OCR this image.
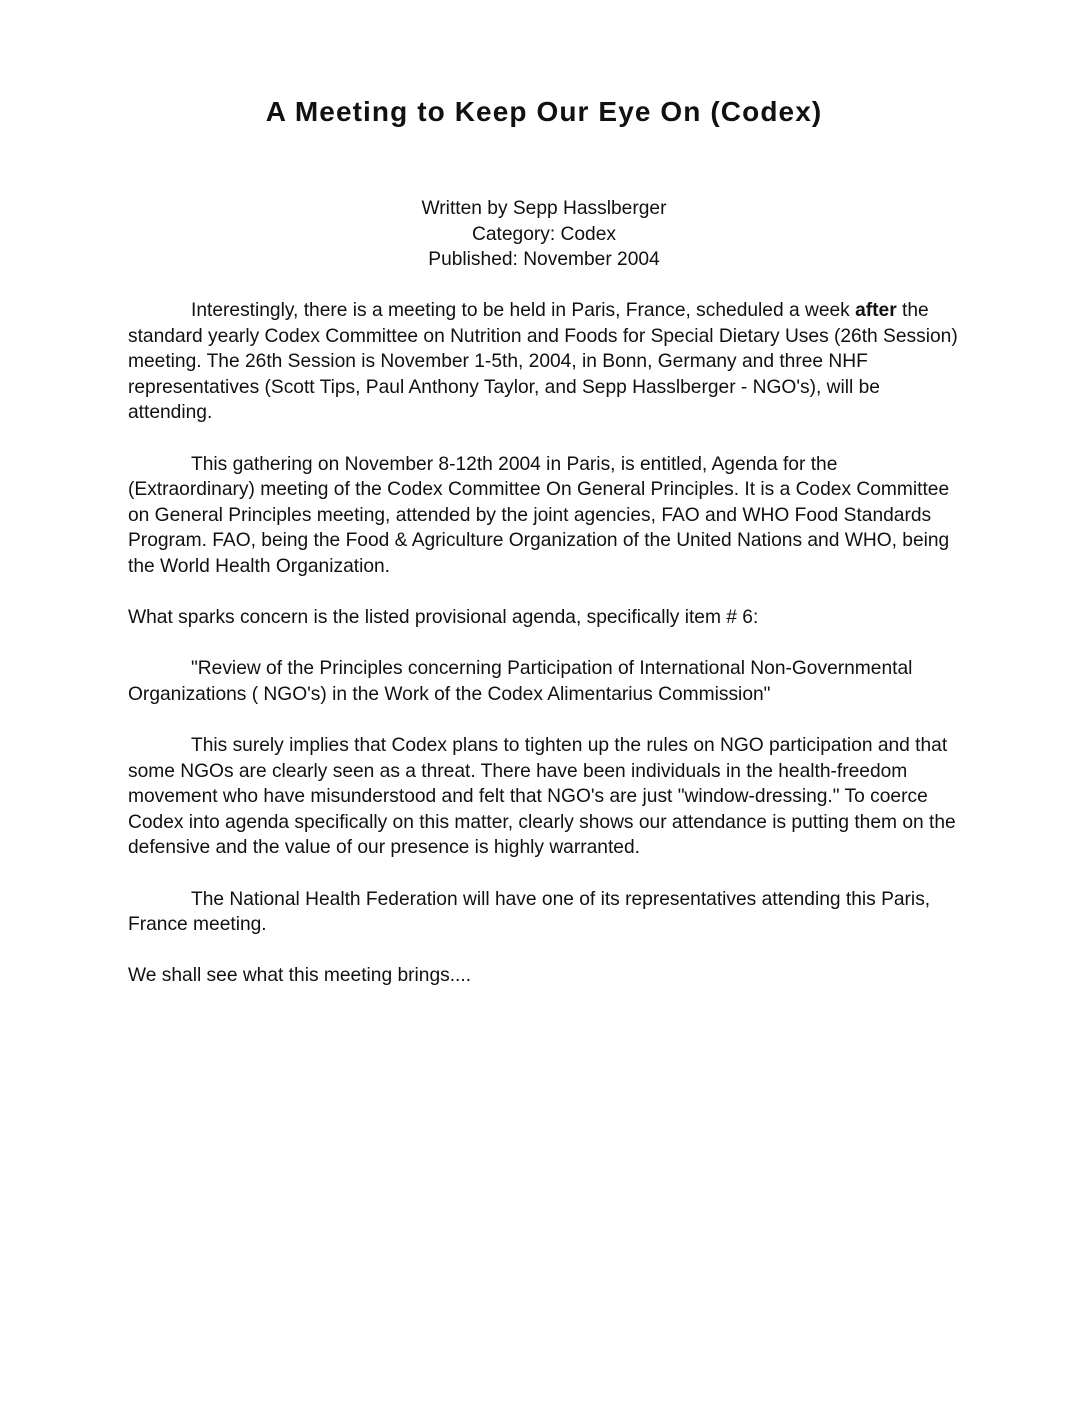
A Meeting to Keep Our Eye On (Codex)
Written by Sepp Hasslberger
Category: Codex
Published: November 2004

Interestingly, there is a meeting to be held in Paris, France, scheduled a week after the standard yearly Codex Committee on Nutrition and Foods for Special Dietary Uses (26th Session) meeting. The 26th Session is November 1-5th, 2004, in Bonn, Germany and three NHF representatives (Scott Tips, Paul Anthony Taylor, and Sepp Hasslberger - NGO's), will be attending.

This gathering on November 8-12th 2004 in Paris, is entitled, Agenda for the (Extraordinary) meeting of the Codex Committee On General Principles. It is a Codex Committee on General Principles meeting, attended by the joint agencies, FAO and WHO Food Standards Program. FAO, being the Food & Agriculture Organization of the United Nations and WHO, being the World Health Organization.

What sparks concern is the listed provisional agenda, specifically item # 6:

"Review of the Principles concerning Participation of International Non-Governmental Organizations ( NGO's) in the Work of the Codex Alimentarius Commission"

This surely implies that Codex plans to tighten up the rules on NGO participation and that some NGOs are clearly seen as a threat. There have been individuals in the health-freedom movement who have misunderstood and felt that NGO's are just "window-dressing." To coerce Codex into agenda specifically on this matter, clearly shows our attendance is putting them on the defensive and the value of our presence is highly warranted.

The National Health Federation will have one of its representatives attending this Paris, France meeting.

We shall see what this meeting brings....
